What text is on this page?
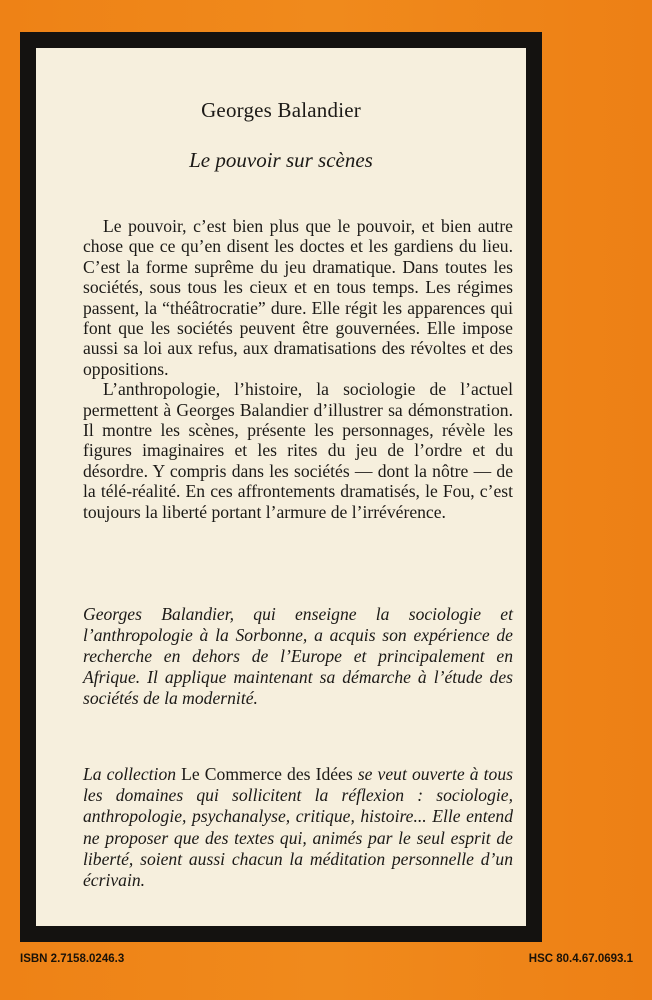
Georges Balandier
Le pouvoir sur scènes

Le pouvoir, c’est bien plus que le pouvoir, et bien autre chose que ce qu’en disent les doctes et les gardiens du lieu. C’est la forme suprême du jeu dramatique. Dans toutes les sociétés, sous tous les cieux et en tous temps. Les régimes passent, la “théâtrocratie” dure. Elle régit les apparences qui font que les sociétés peuvent être gouvernées. Elle impose aussi sa loi aux refus, aux dramatisations des révoltes et des oppositions.

L’anthropologie, l’histoire, la sociologie de l’actuel permettent à Georges Balandier d’illustrer sa démonstration. Il montre les scènes, présente les personnages, révèle les figures imaginaires et les rites du jeu de l’ordre et du désordre. Y compris dans les sociétés — dont la nôtre — de la télé-réalité. En ces affrontements dramatisés, le Fou, c’est toujours la liberté portant l’armure de l’irrévérence.

Georges Balandier, qui enseigne la sociologie et l’anthropologie à la Sorbonne, a acquis son expérience de recherche en dehors de l’Europe et principalement en Afrique. Il applique maintenant sa démarche à l’étude des sociétés de la modernité.
La collection Le Commerce des Idées se veut ouverte à tous les domaines qui sollicitent la réflexion : sociologie, anthropologie, psychanalyse, critique, histoire... Elle entend ne proposer que des textes qui, animés par le seul esprit de liberté, soient aussi chacun la méditation personnelle d’un écrivain.
ISBN 2.7158.0246.3	HSC 80.4.67.0693.1
